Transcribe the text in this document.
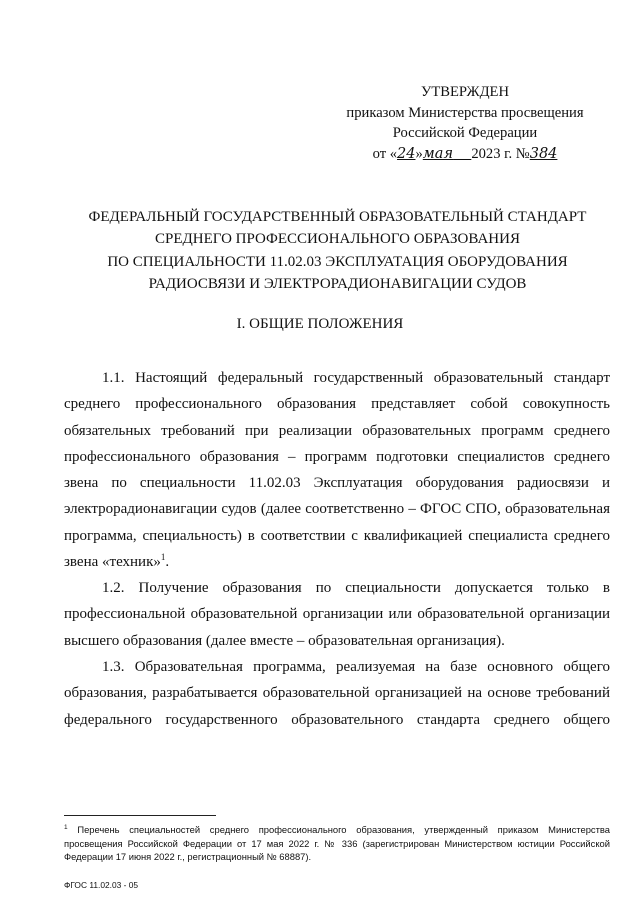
УТВЕРЖДЕН
приказом Министерства просвещения
Российской Федерации
от «24»мая 2023 г. №384
ФЕДЕРАЛЬНЫЙ ГОСУДАРСТВЕННЫЙ ОБРАЗОВАТЕЛЬНЫЙ СТАНДАРТ
СРЕДНЕГО ПРОФЕССИОНАЛЬНОГО ОБРАЗОВАНИЯ
ПО СПЕЦИАЛЬНОСТИ 11.02.03 ЭКСПЛУАТАЦИЯ ОБОРУДОВАНИЯ
РАДИОСВЯЗИ И ЭЛЕКТРОРАДИОНАВИГАЦИИ СУДОВ
I. ОБЩИЕ ПОЛОЖЕНИЯ
1.1. Настоящий федеральный государственный образовательный стандарт среднего профессионального образования представляет собой совокупность обязательных требований при реализации образовательных программ среднего профессионального образования – программ подготовки специалистов среднего звена по специальности 11.02.03 Эксплуатация оборудования радиосвязи и электрорадионавигации судов (далее соответственно – ФГОС СПО, образовательная программа, специальность) в соответствии с квалификацией специалиста среднего звена «техник»$^1$.
1.2. Получение образования по специальности допускается только в профессиональной образовательной организации или образовательной организации высшего образования (далее вместе – образовательная организация).
1.3. Образовательная программа, реализуемая на базе основного общего образования, разрабатывается образовательной организацией на основе требований федерального государственного образовательного стандарта среднего общего
$^1$ Перечень специальностей среднего профессионального образования, утвержденный приказом Министерства просвещения Российской Федерации от 17 мая 2022 г. № 336 (зарегистрирован Министерством юстиции Российской Федерации 17 июня 2022 г., регистрационный № 68887).
ФГОС 11.02.03 - 05
